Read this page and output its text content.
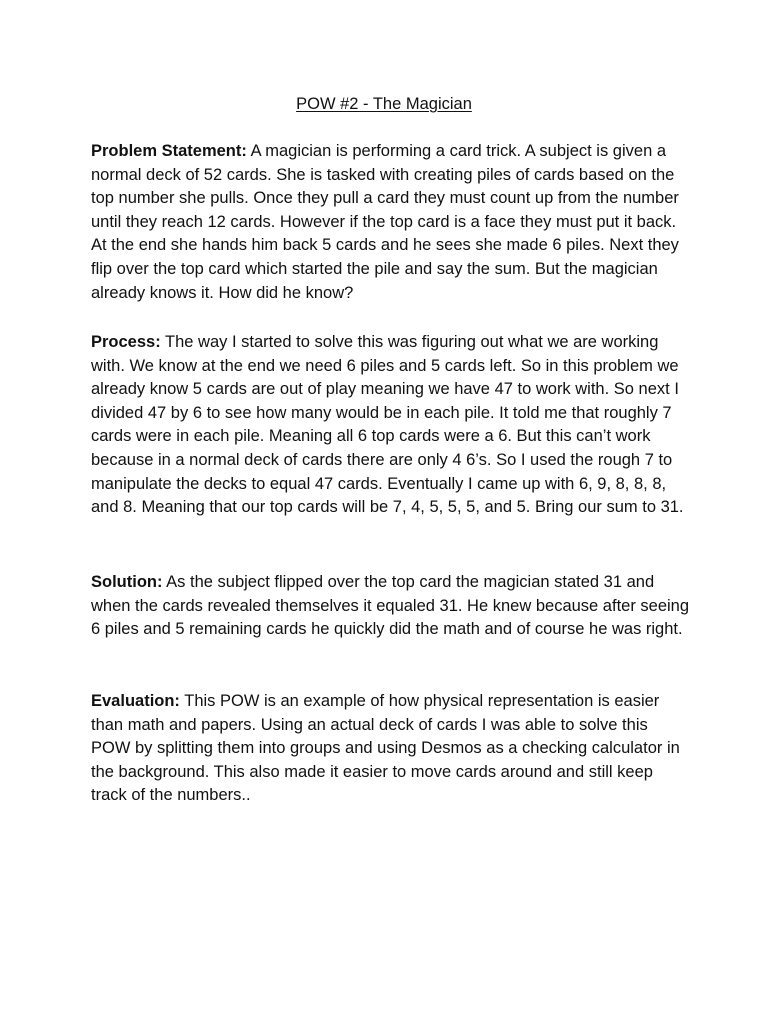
POW #2 - The Magician

Problem Statement: A magician is performing a card trick. A subject is given a normal deck of 52 cards. She is tasked with creating piles of cards based on the top number she pulls. Once they pull a card they must count up from the number until they reach 12 cards. However if the top card is a face they must put it back. At the end she hands him back 5 cards and he sees she made 6 piles. Next they flip over the top card which started the pile and say the sum. But the magician already knows it. How did he know?

Process: The way I started to solve this was figuring out what we are working with. We know at the end we need 6 piles and 5 cards left. So in this problem we already know 5 cards are out of play meaning we have 47 to work with. So next I divided 47 by 6 to see how many would be in each pile. It told me that roughly 7 cards were in each pile. Meaning all 6 top cards were a 6. But this can’t work because in a normal deck of cards there are only 4 6’s. So I used the rough 7 to manipulate the decks to equal 47 cards. Eventually I came up with 6, 9, 8, 8, 8, and 8. Meaning that our top cards will be 7, 4, 5, 5, 5, and 5. Bring our sum to 31.

Solution: As the subject flipped over the top card the magician stated 31 and when the cards revealed themselves it equaled 31. He knew because after seeing 6 piles and 5 remaining cards he quickly did the math and of course he was right.

Evaluation: This POW is an example of how physical representation is easier than math and papers. Using an actual deck of cards I was able to solve this POW by splitting them into groups and using Desmos as a checking calculator in the background. This also made it easier to move cards around and still keep track of the numbers..
